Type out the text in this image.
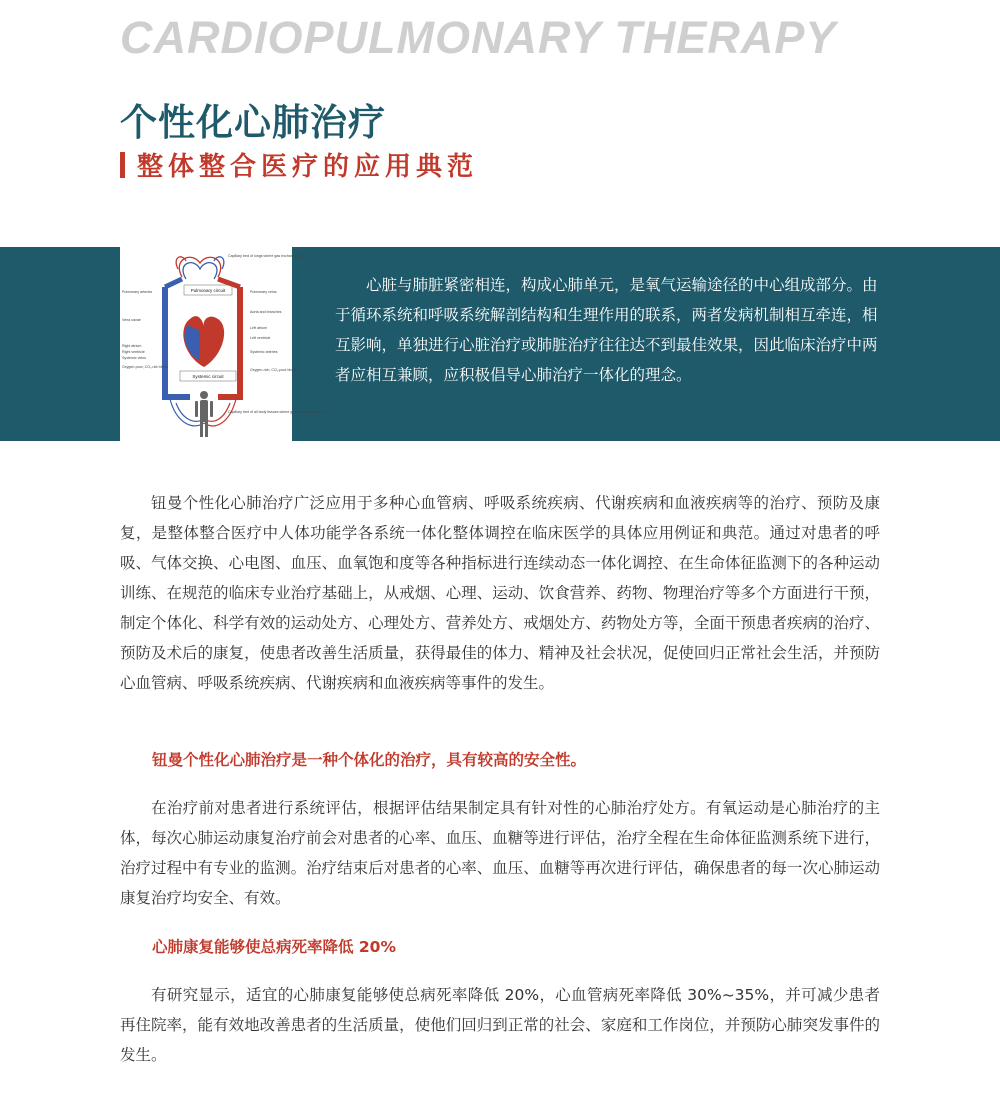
CARDIOPULMONARY THERAPY
个性化心肺治疗
整体整合医疗的应用典范
Pulmonary circuit
Systemic circuit
Pulmonary arteries
Vena cavae
Right atrium
Right ventricle
Systemic veins
Oxygen-poor, CO₂-rich blood
Capillary bed of lungs where gas exchange occurs
Pulmonary veins
Aorta and branches
Left atrium
Left ventricle
Systemic arteries
Oxygen-rich, CO₂-poor blood
Capillary bed of all body tissues where gas exchange occurs

心脏与肺脏紧密相连，构成心肺单元，是氧气运输途径的中心组成部分。由于循环系统和呼吸系统解剖结构和生理作用的联系，两者发病机制相互牵连，相互影响，单独进行心脏治疗或肺脏治疗往往达不到最佳效果，因此临床治疗中两者应相互兼顾，应积极倡导心肺治疗一体化的理念。

钮曼个性化心肺治疗广泛应用于多种心血管病、呼吸系统疾病、代谢疾病和血液疾病等的治疗、预防及康复，是整体整合医疗中人体功能学各系统一体化整体调控在临床医学的具体应用例证和典范。通过对患者的呼吸、气体交换、心电图、血压、血氧饱和度等各种指标进行连续动态一体化调控、在生命体征监测下的各种运动训练、在规范的临床专业治疗基础上，从戒烟、心理、运动、饮食营养、药物、物理治疗等多个方面进行干预，制定个体化、科学有效的运动处方、心理处方、营养处方、戒烟处方、药物处方等，全面干预患者疾病的治疗、预防及术后的康复，使患者改善生活质量，获得最佳的体力、精神及社会状况，促使回归正常社会生活，并预防心血管病、呼吸系统疾病、代谢疾病和血液疾病等事件的发生。

钮曼个性化心肺治疗是一种个体化的治疗，具有较高的安全性。

在治疗前对患者进行系统评估，根据评估结果制定具有针对性的心肺治疗处方。有氧运动是心肺治疗的主体，每次心肺运动康复治疗前会对患者的心率、血压、血糖等进行评估，治疗全程在生命体征监测系统下进行，治疗过程中有专业的监测。治疗结束后对患者的心率、血压、血糖等再次进行评估，确保患者的每一次心肺运动康复治疗均安全、有效。

心肺康复能够使总病死率降低 20%

有研究显示，适宜的心肺康复能够使总病死率降低 20%，心血管病死率降低 30%~35%，并可减少患者再住院率，能有效地改善患者的生活质量，使他们回归到正常的社会、家庭和工作岗位，并预防心肺突发事件的发生。
